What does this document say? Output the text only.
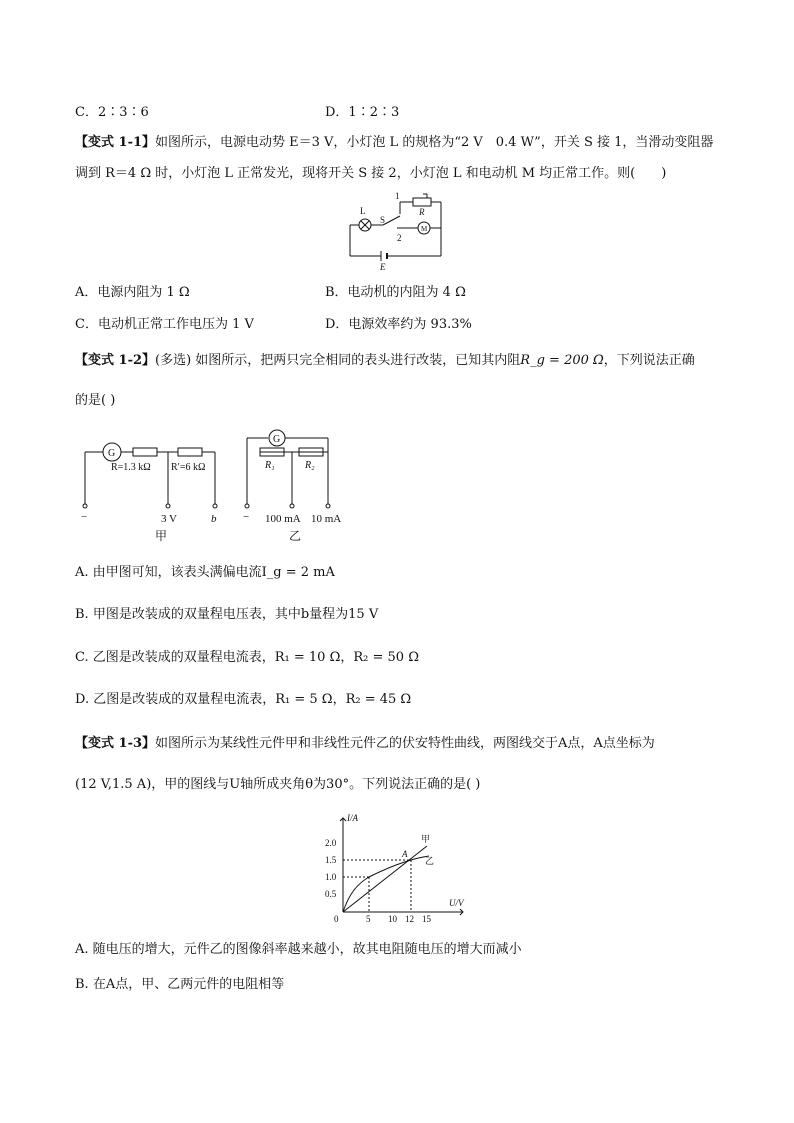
C．2∶3∶6	D．1∶2∶3
【变式 1-1】如图所示，电源电动势 E＝3 V，小灯泡 L 的规格为“2 V　0.4 W”，开关 S 接 1，当滑动变阻器
调到 R＝4 Ω 时，小灯泡 L 正常发光，现将开关 S 接 2，小灯泡 L 和电动机 M 均正常工作。则(　　)
L
S
1
2
R
M
E
A．电源内阻为 1 Ω	B．电动机的内阻为 4 Ω
C．电动机正常工作电压为 1 V	D．电源效率约为 93.3%
【变式 1-2】(多选) 如图所示，把两只完全相同的表头进行改装，已知其内阻R_g = 200 Ω，下列说法正确
的是( )
G
R=1.3 kΩ R′=6 kΩ
−	3 V	b
甲
G
R₁	R₂
− 100 mA 10 mA
乙
A. 由甲图可知，该表头满偏电流I_g = 2 mA
B. 甲图是改装成的双量程电压表，其中b量程为15 V
C. 乙图是改装成的双量程电流表，R₁ = 10 Ω，R₂ = 50 Ω
D. 乙图是改装成的双量程电流表，R₁ = 5 Ω，R₂ = 45 Ω
【变式 1-3】如图所示为某线性元件甲和非线性元件乙的伏安特性曲线，两图线交于A点，A点坐标为
(12 V,1.5 A)，甲的图线与U轴所成夹角θ为30°。下列说法正确的是( )
I/A
U/V
2.0
1.5
1.0
0.5
0	5 10 12 15
A
甲
乙
A. 随电压的增大，元件乙的图像斜率越来越小，故其电阻随电压的增大而减小
B. 在A点，甲、乙两元件的电阻相等
